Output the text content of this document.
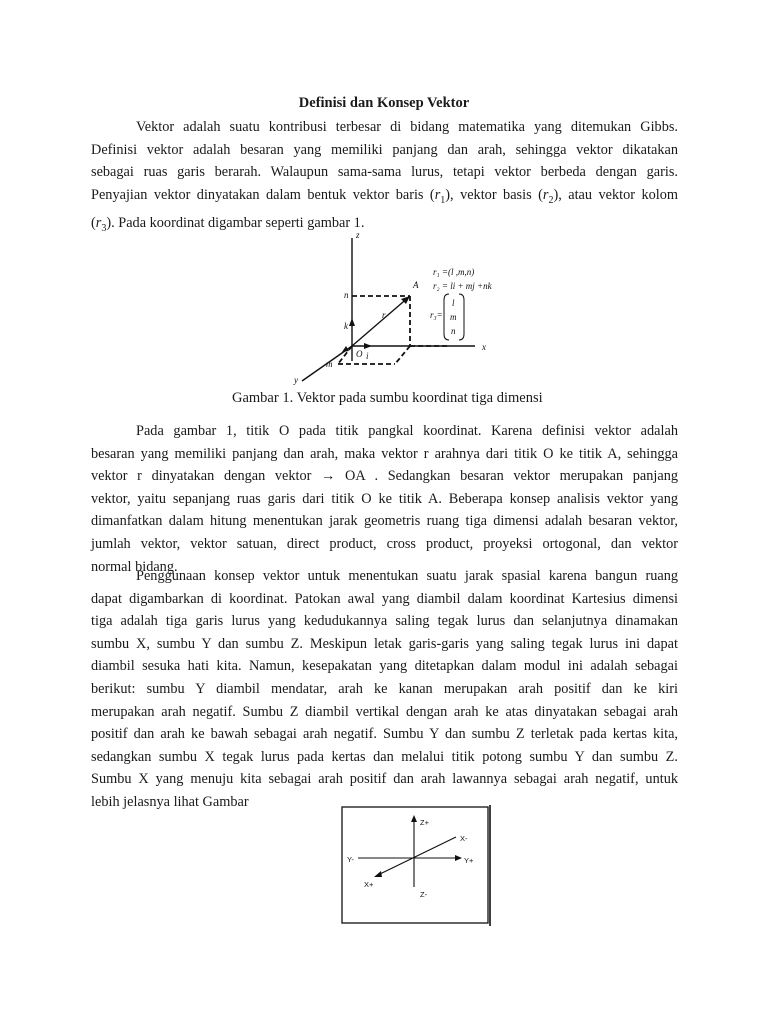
Definisi dan Konsep Vektor
Vektor adalah suatu kontribusi terbesar di bidang matematika yang ditemukan Gibbs.
Definisi vektor adalah besaran yang memiliki panjang dan arah, sehingga vektor dikatakan
sebagai ruas garis berarah. Walaupun sama-sama lurus, tetapi vektor berbeda dengan garis.
Penyajian vektor dinyatakan dalam bentuk vektor baris $(r_1)$, vektor basis $(r_2)$, atau vektor kolom
$(r_3)$. Pada koordinat digambar seperti gambar 1.
z
x
y
n
k
i
m
O
A
r
r₁ =(l ,m,n)
r₂ = li + mj +nk
r₃=
l
m
n
Gambar 1. Vektor pada sumbu koordinat tiga dimensi
Pada gambar 1, titik O pada titik pangkal koordinat. Karena definisi vektor adalah
besaran yang memiliki panjang dan arah, maka vektor r arahnya dari titik O ke titik A, sehingga
vektor r dinyatakan dengan vektor → OA . Sedangkan besaran vektor merupakan panjang
vektor, yaitu sepanjang ruas garis dari titik O ke titik A. Beberapa konsep analisis vektor yang
dimanfatkan dalam hitung menentukan jarak geometris ruang tiga dimensi adalah besaran vektor,
jumlah vektor, vektor satuan, direct product, cross product, proyeksi ortogonal, dan vektor
normal bidang.
Penggunaan konsep vektor untuk menentukan suatu jarak spasial karena bangun ruang
dapat digambarkan di koordinat. Patokan awal yang diambil dalam koordinat Kartesius dimensi
tiga adalah tiga garis lurus yang kedudukannya saling tegak lurus dan selanjutnya dinamakan
sumbu X, sumbu Y dan sumbu Z. Meskipun letak garis-garis yang saling tegak lurus ini dapat
diambil sesuka hati kita. Namun, kesepakatan yang ditetapkan dalam modul ini adalah sebagai
berikut: sumbu Y diambil mendatar, arah ke kanan merupakan arah positif dan ke kiri
merupakan arah negatif. Sumbu Z diambil vertikal dengan arah ke atas dinyatakan sebagai arah
positif dan arah ke bawah sebagai arah negatif. Sumbu Y dan sumbu Z terletak pada kertas kita,
sedangkan sumbu X tegak lurus pada kertas dan melalui titik potong sumbu Y dan sumbu Z.
Sumbu X yang menuju kita sebagai arah positif dan arah lawannya sebagai arah negatif, untuk
lebih jelasnya lihat Gambar
Z+
Z-
Y+
Y-
X+
X-
